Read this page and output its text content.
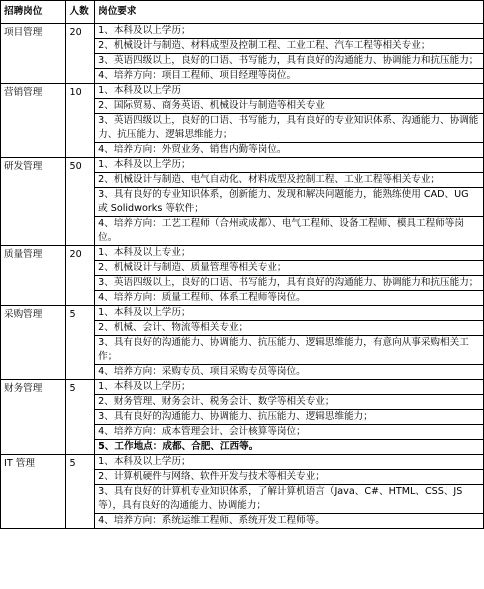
招聘岗位	人数	岗位要求
项目管理	20	1、本科及以上学历；
2、机械设计与制造、材料成型及控制工程、工业工程、汽车工程等相关专业；
3、英语四级以上，良好的口语、书写能力，具有良好的沟通能力、协调能力和抗压能力；
4、培养方向：项目工程师、项目经理等岗位。

营销管理	10	1、本科及以上学历
2、国际贸易、商务英语、机械设计与制造等相关专业
3、英语四级以上，良好的口语、书写能力，具有良好的专业知识体系、沟通能力、协调能力、抗压能力、逻辑思维能力；
4、培养方向：外贸业务、销售内勤等岗位。

研发管理	50	1、本科及以上学历；
2、机械设计与制造、电气自动化、材料成型及控制工程、工业工程等相关专业；
3、具有良好的专业知识体系，创新能力、发现和解决问题能力，能熟练使用 CAD、UG 或 Solidworks 等软件；
4、培养方向：工艺工程师（合州或成都）、电气工程师、设备工程师、模具工程师等岗位。

质量管理	20	1、本科及以上专业；
2、机械设计与制造、质量管理等相关专业；
3、英语四级以上，良好的口语、书写能力，具有良好的沟通能力、协调能力和抗压能力；
4、培养方向：质量工程师、体系工程师等岗位。

采购管理	5	1、本科及以上学历；
2、机械、会计、物流等相关专业；
3、具有良好的沟通能力、协调能力、抗压能力、逻辑思维能力，有意向从事采购相关工作；
4、培养方向：采购专员、项目采购专员等岗位。

财务管理	5	1、本科及以上学历；
2、财务管理、财务会计、税务会计、数学等相关专业；
3、具有良好的沟通能力、协调能力、抗压能力、逻辑思维能力；
4、培养方向：成本管理会计、会计核算等岗位；
5、工作地点：成都、合肥、江西等。

IT 管理	5	1、本科及以上学历；
2、计算机硬件与网络、软件开发与技术等相关专业；
3、具有良好的计算机专业知识体系，了解计算机语言（Java、C#、HTML、CSS、JS 等），具有良好的沟通能力、协调能力；
4、培养方向：系统运维工程师、系统开发工程师等。
